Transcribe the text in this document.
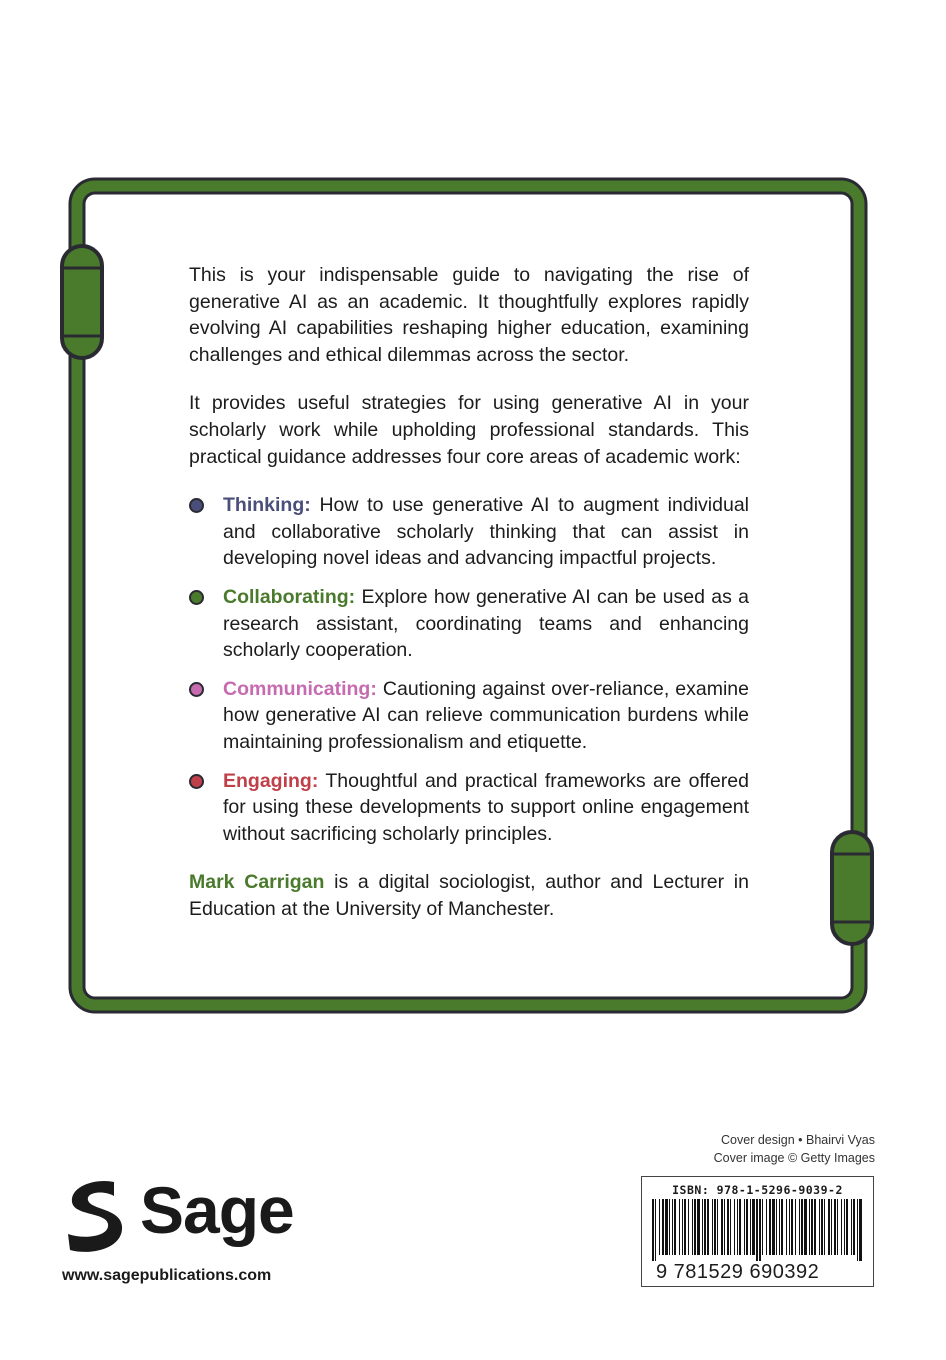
This is your indispensable guide to navigating the rise of generative AI as an academic. It thoughtfully explores rapidly evolving AI capabilities reshaping higher education, examining challenges and ethical dilemmas across the sector.

It provides useful strategies for using generative AI in your scholarly work while upholding professional standards. This practical guidance addresses four core areas of academic work:

Thinking: How to use generative AI to augment individual and collaborative scholarly thinking that can assist in developing novel ideas and advancing impactful projects.
Collaborating: Explore how generative AI can be used as a research assistant, coordinating teams and enhancing scholarly cooperation.
Communicating: Cautioning against over-reliance, examine how generative AI can relieve communication burdens while maintaining professionalism and etiquette.
Engaging: Thoughtful and practical frameworks are offered for using these developments to support online engagement without sacrificing scholarly principles.

Mark Carrigan is a digital sociologist, author and Lecturer in Education at the University of Manchester.

Cover design • Bhairvi Vyas
Cover image © Getty Images
ISBN: 978-1-5296-9039-2
9 781529 690392
Sage
www.sagepublications.com
